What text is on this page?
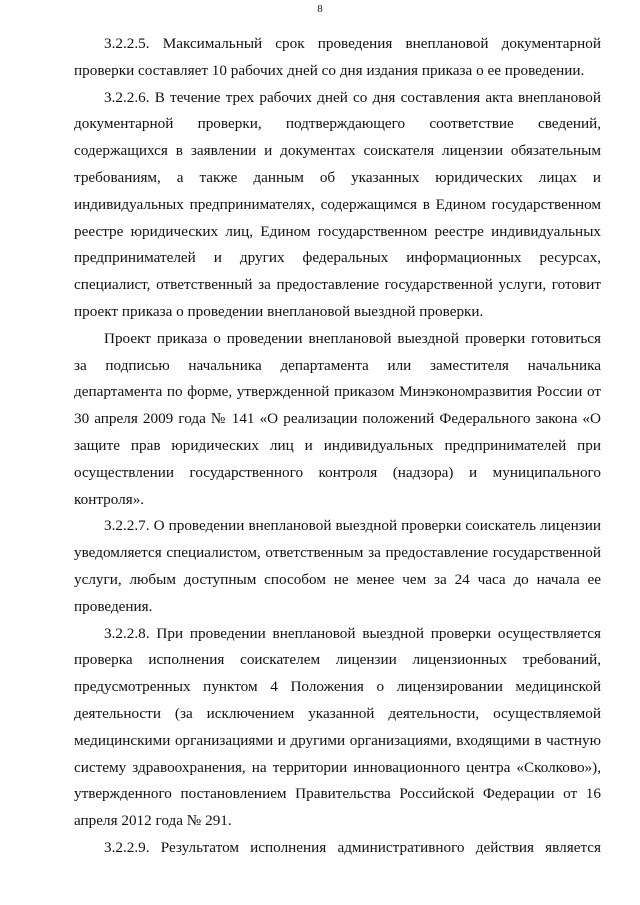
8

3.2.2.5. Максимальный срок проведения внеплановой документарной проверки составляет 10 рабочих дней со дня издания приказа о ее проведении.

3.2.2.6. В течение трех рабочих дней со дня составления акта внеплановой документарной проверки, подтверждающего соответствие сведений, содержащихся в заявлении и документах соискателя лицензии обязательным требованиям, а также данным об указанных юридических лицах и индивидуальных предпринимателях, содержащимся в Едином государственном реестре юридических лиц, Едином государственном реестре индивидуальных предпринимателей и других федеральных информационных ресурсах, специалист, ответственный за предоставление государственной услуги, готовит проект приказа о проведении внеплановой выездной проверки.

Проект приказа о проведении внеплановой выездной проверки готовиться за подписью начальника департамента или заместителя начальника департамента по форме, утвержденной приказом Минэкономразвития России от 30 апреля 2009 года № 141 «О реализации положений Федерального закона «О защите прав юридических лиц и индивидуальных предпринимателей при осуществлении государственного контроля (надзора) и муниципального контроля».

3.2.2.7. О проведении внеплановой выездной проверки соискатель лицензии уведомляется специалистом, ответственным за предоставление государственной услуги, любым доступным способом не менее чем за 24 часа до начала ее проведения.

3.2.2.8. При проведении внеплановой выездной проверки осуществляется проверка исполнения соискателем лицензии лицензионных требований, предусмотренных пунктом 4 Положения о лицензировании медицинской деятельности (за исключением указанной деятельности, осуществляемой медицинскими организациями и другими организациями, входящими в частную систему здравоохранения, на территории инновационного центра «Сколково»), утвержденного постановлением Правительства Российской Федерации от 16 апреля 2012 года № 291.

3.2.2.9. Результатом исполнения административного действия является
